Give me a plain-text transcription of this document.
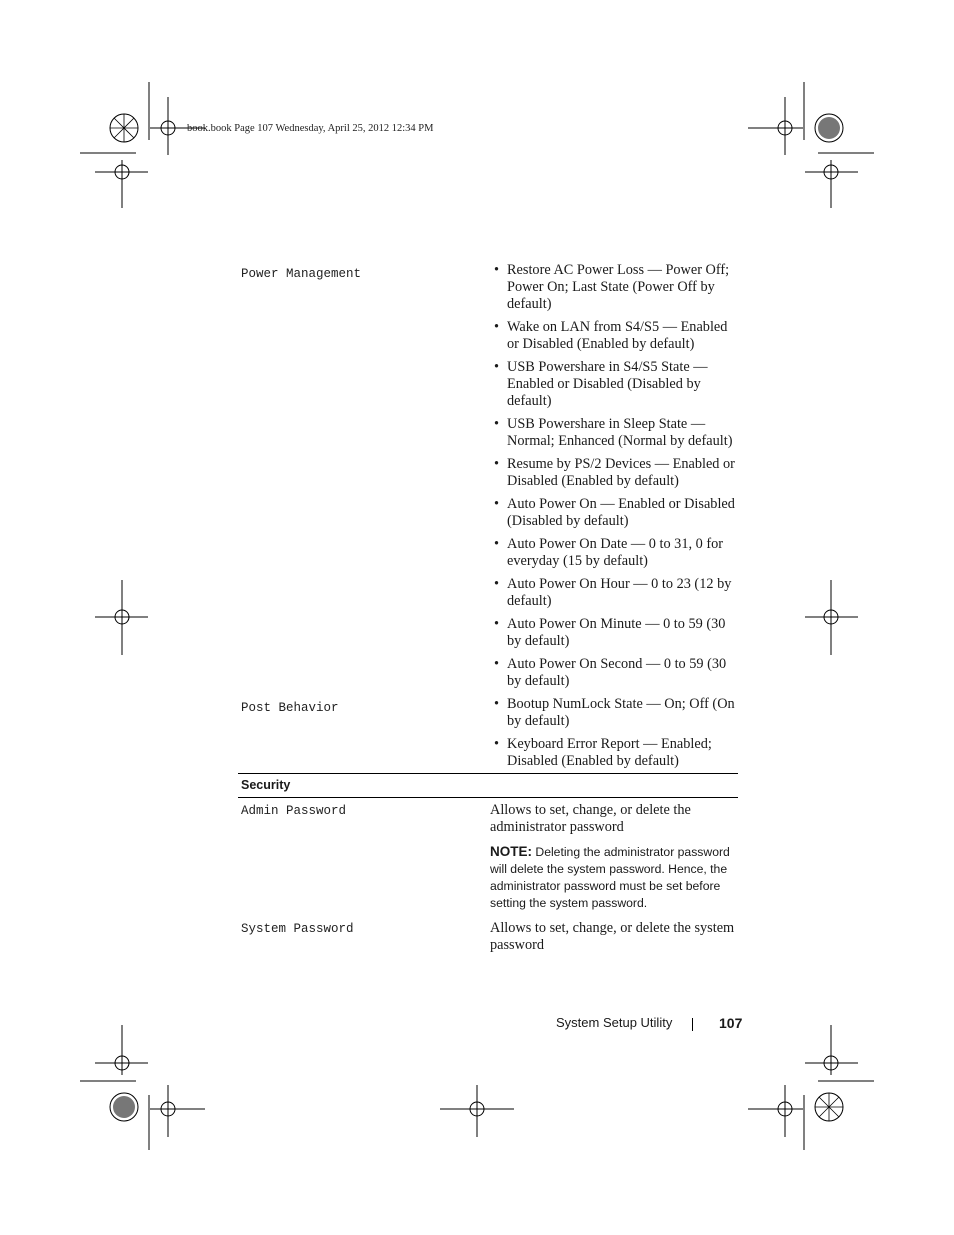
book.book Page 107 Wednesday, April 25, 2012 12:34 PM
Power Management	• Restore AC Power Loss — Power Off; Power On; Last State (Power Off by default)
• Wake on LAN from S4/S5 — Enabled or Disabled (Enabled by default)
• USB Powershare in S4/S5 State — Enabled or Disabled (Disabled by default)
• USB Powershare in Sleep State — Normal; Enhanced (Normal by default)
• Resume by PS/2 Devices — Enabled or Disabled (Enabled by default)
• Auto Power On — Enabled or Disabled (Disabled by default)
• Auto Power On Date — 0 to 31, 0 for everyday (15 by default)
• Auto Power On Hour — 0 to 23 (12 by default)
• Auto Power On Minute — 0 to 59 (30 by default)
• Auto Power On Second — 0 to 59 (30 by default)
Post Behavior	• Bootup NumLock State — On; Off (On by default)
• Keyboard Error Report — Enabled; Disabled (Enabled by default)
Security
Admin Password	Allows to set, change, or delete the administrator password

NOTE: Deleting the administrator password will delete the system password. Hence, the administrator password must be set before setting the system password.

System Password	Allows to set, change, or delete the system password

System Setup Utility	107
